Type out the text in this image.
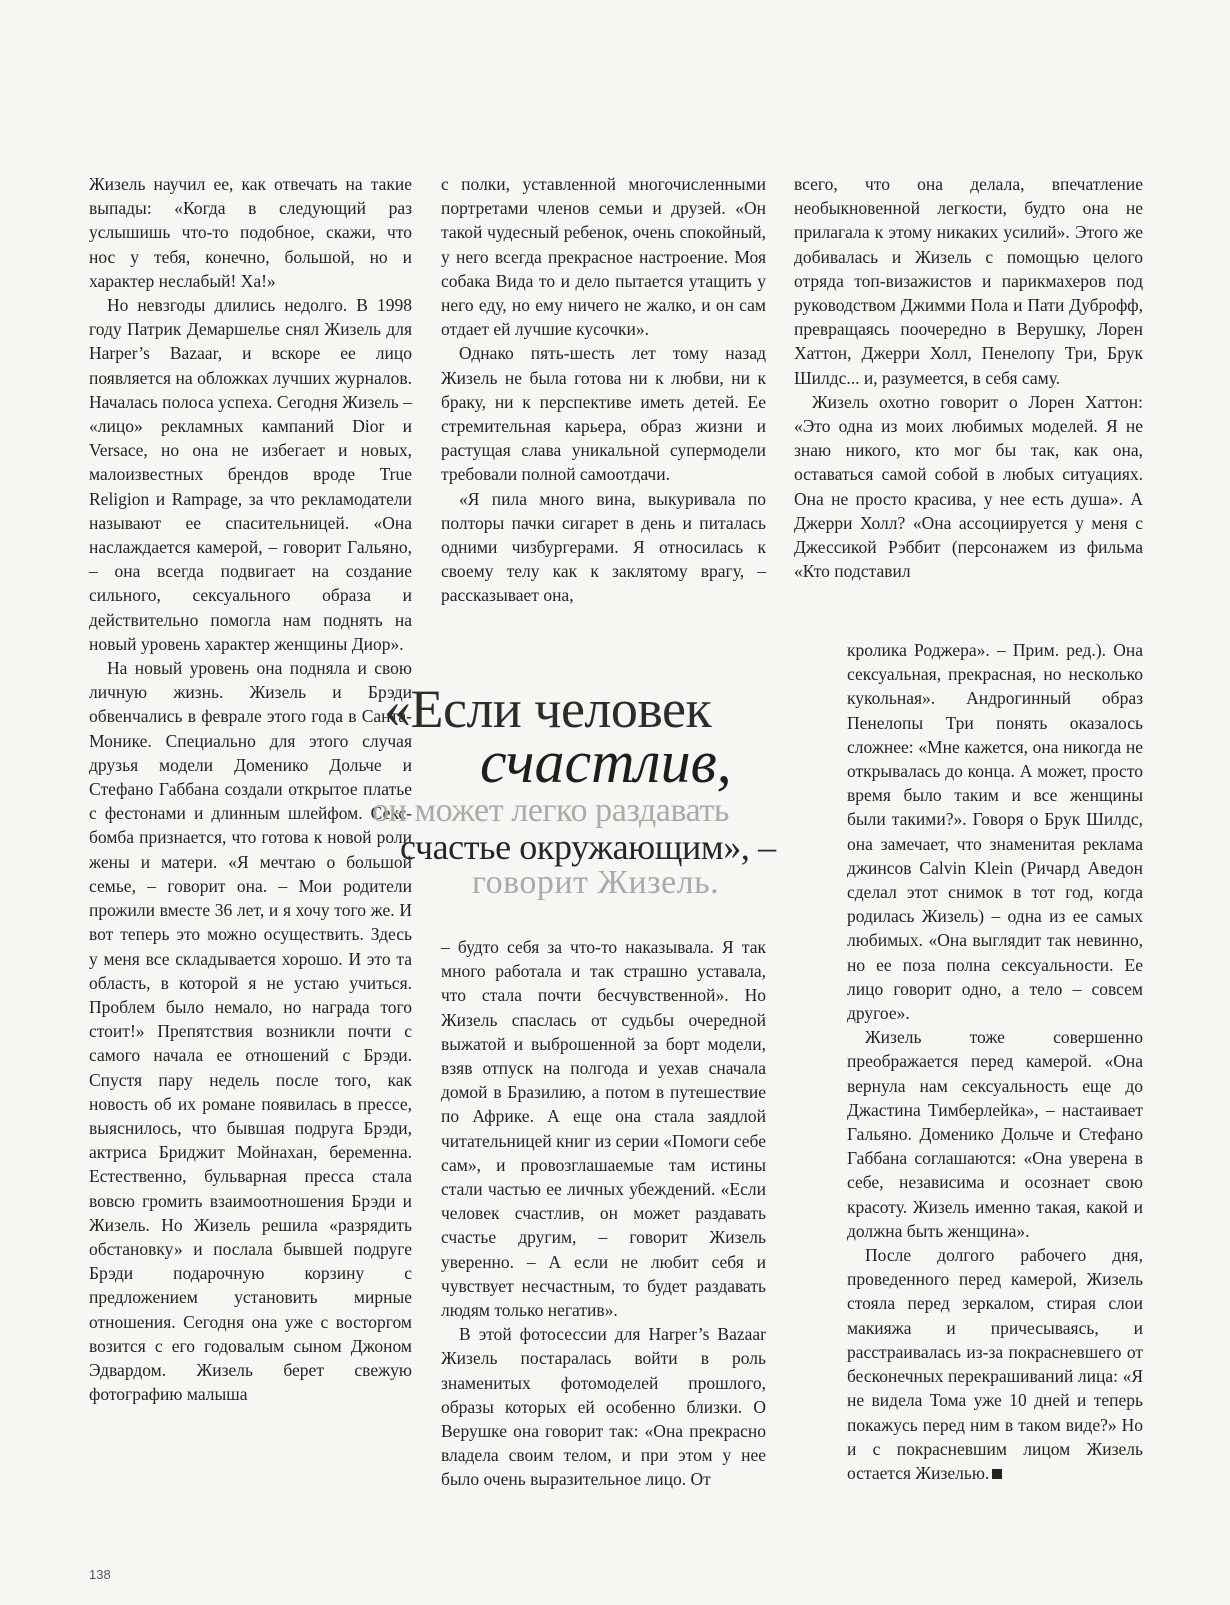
Жизель научил ее, как отвечать на такие выпады: «Когда в следующий раз услышишь что-то подобное, скажи, что нос у тебя, конечно, большой, но и характер неслабый! Ха!»

Но невзгоды длились недолго. В 1998 году Патрик Демаршелье снял Жизель для Harper’s Bazaar, и вскоре ее лицо появляется на обложках лучших журналов. Началась полоса успеха. Сегодня Жизель – «лицо» рекламных кампаний Dior и Versace, но она не избегает и новых, малоизвестных брендов вроде True Religion и Rampage, за что рекламодатели называют ее спасительницей. «Она наслаждается камерой, – говорит Гальяно, – она всегда подвигает на создание сильного, сексуального образа и действительно помогла нам поднять на новый уровень характер женщины Диор».

На новый уровень она подняла и свою личную жизнь. Жизель и Брэди обвенчались в феврале этого года в Санта-Монике. Специально для этого случая друзья модели Доменико Дольче и Стефано Габбана создали открытое платье с фестонами и длинным шлейфом. Секс-бомба признается, что готова к новой роли жены и матери. «Я мечтаю о большой семье, – говорит она. – Мои родители прожили вместе 36 лет, и я хочу того же. И вот теперь это можно осуществить. Здесь у меня все складывается хорошо. И это та область, в которой я не устаю учиться. Проблем было немало, но награда того стоит!» Препятствия возникли почти с самого начала ее отношений с Брэди. Спустя пару недель после того, как новость об их романе появилась в прессе, выяснилось, что бывшая подруга Брэди, актриса Бриджит Мойнахан, беременна. Естественно, бульварная пресса стала вовсю громить взаимоотношения Брэди и Жизель. Но Жизель решила «разрядить обстановку» и послала бывшей подруге Брэди подарочную корзину с предложением установить мирные отношения. Сегодня она уже с восторгом возится с его годовалым сыном Джоном Эдвардом. Жизель берет свежую фотографию малыша

с полки, уставленной многочисленными портретами членов семьи и друзей. «Он такой чудесный ребенок, очень спокойный, у него всегда прекрасное настроение. Моя собака Вида то и дело пытается утащить у него еду, но ему ничего не жалко, и он сам отдает ей лучшие кусочки».

Однако пять-шесть лет тому назад Жизель не была готова ни к любви, ни к браку, ни к перспективе иметь детей. Ее стремительная карьера, образ жизни и растущая слава уникальной супермодели требовали полной самоотдачи.

«Я пила много вина, выкуривала по полторы пачки сигарет в день и питалась одними чизбургерами. Я относилась к своему телу как к заклятому врагу, – рассказывает она,

– будто себя за что-то наказывала. Я так много работала и так страшно уставала, что стала почти бесчувственной». Но Жизель спаслась от судьбы очередной выжатой и выброшенной за борт модели, взяв отпуск на полгода и уехав сначала домой в Бразилию, а потом в путешествие по Африке. А еще она стала заядлой читательницей книг из серии «Помоги себе сам», и провозглашаемые там истины стали частью ее личных убеждений. «Если человек счастлив, он может раздавать счастье другим, – говорит Жизель уверенно. – А если не любит себя и чувствует несчастным, то будет раздавать людям только негатив».

В этой фотосессии для Harper’s Bazaar Жизель постаралась войти в роль знаменитых фотомоделей прошлого, образы которых ей особенно близки. О Верушке она говорит так: «Она прекрасно владела своим телом, и при этом у нее было очень выразительное лицо. От

всего, что она делала, впечатление необыкновенной легкости, будто она не прилагала к этому никаких усилий». Этого же добивалась и Жизель с помощью целого отряда топ-визажистов и парикмахеров под руководством Джимми Пола и Пати Дуброфф, превращаясь поочередно в Верушку, Лорен Хаттон, Джерри Холл, Пенелопу Три, Брук Шилдс... и, разумеется, в себя саму.

Жизель охотно говорит о Лорен Хаттон: «Это одна из моих любимых моделей. Я не знаю никого, кто мог бы так, как она, оставаться самой собой в любых ситуациях. Она не просто красива, у нее есть душа». А Джерри Холл? «Она ассоциируется у меня с Джессикой Рэббит (персонажем из фильма «Кто подставил

кролика Роджера». – Прим. ред.). Она сексуальная, прекрасная, но несколько кукольная». Андрогинный образ Пенелопы Три понять оказалось сложнее: «Мне кажется, она никогда не открывалась до конца. А может, просто время было таким и все женщины были такими?». Говоря о Брук Шилдс, она замечает, что знаменитая реклама джинсов Calvin Klein (Ричард Аведон сделал этот снимок в тот год, когда родилась Жизель) – одна из ее самых любимых. «Она выглядит так невинно, но ее поза полна сексуальности. Ее лицо говорит одно, а тело – совсем другое».

Жизель тоже совершенно преображается перед камерой. «Она вернула нам сексуальность еще до Джастина Тимберлейка», – настаивает Гальяно. Доменико Дольче и Стефано Габбана соглашаются: «Она уверена в себе, независима и осознает свою красоту. Жизель именно такая, какой и должна быть женщина».

После долгого рабочего дня, проведенного перед камерой, Жизель стояла перед зеркалом, стирая слои макияжа и причесываясь, и расстраивалась из-за покрасневшего от бесконечных перекрашиваний лица: «Я не видела Тома уже 10 дней и теперь покажусь перед ним в таком виде?» Но и с покрасневшим лицом Жизель остается Жизелью.

«Если человек
счастлив,
он может легко раздавать
счастье окружающим», –
говорит Жизель.
138
